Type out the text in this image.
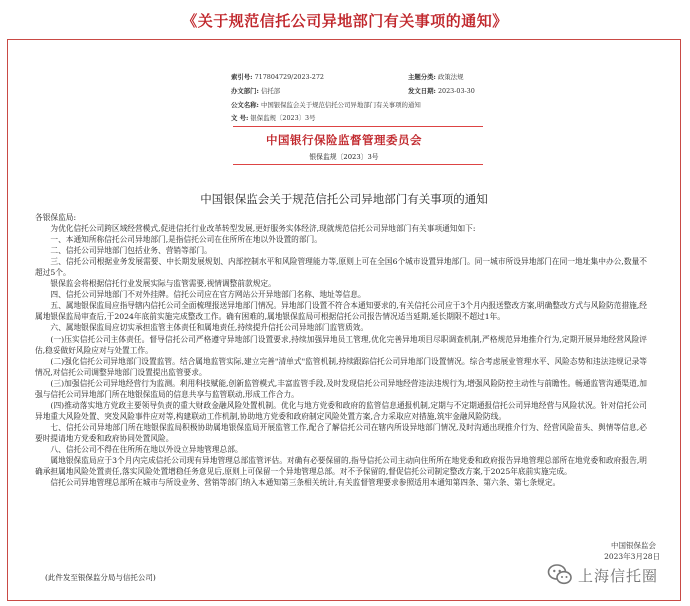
《关于规范信托公司异地部门有关事项的通知》
索引号: 717804729/2023-272	主题分类: 政策法规
办文部门: 信托部	发文日期: 2023-03-30
公文名称: 中国银保监会关于规范信托公司异地部门有关事项的通知
文 号: 银保监规〔2023〕3号
中国银行保险监督管理委员会
银保监规〔2023〕3号
中国银保监会关于规范信托公司异地部门有关事项的通知

各银保监局:

为优化信托公司跨区域经营模式,促进信托行业改革转型发展,更好服务实体经济,现就规范信托公司异地部门有关事项通知如下:

一、本通知所称信托公司异地部门,是指信托公司在住所所在地以外设置的部门。

二、信托公司异地部门包括业务、营销等部门。

三、信托公司根据业务发展需要、中长期发展规划、内部控制水平和风险管理能力等,原则上可在全国6个城市设置异地部门。同一城市所设异地部门在同一地址集中办公,数量不超过5个。

银保监会将根据信托行业发展实际与监管需要,视情调整前款规定。

四、信托公司异地部门不对外挂牌。信托公司应在官方网站公开异地部门名称、地址等信息。

五、属地银保监局应指导辖内信托公司全面梳理报送异地部门情况。异地部门设置不符合本通知要求的,有关信托公司应于3个月内报送整改方案,明确整改方式与风险防范措施,经属地银保监局审查后,于2024年底前实施完成整改工作。确有困难的,属地银保监局可根据信托公司报告情况适当延期,延长期限不超过1年。

六、属地银保监局应切实承担监管主体责任和属地责任,持续提升信托公司异地部门监管质效。

(一)压实信托公司主体责任。督导信托公司严格遵守异地部门设置要求,持续加强异地员工管理,优化完善异地项目尽职调查机制,严格规范异地推介行为,定期开展异地经营风险评估,稳妥做好风险应对与处置工作。

(二)强化信托公司异地部门设置监管。结合属地监管实际,建立完善"清单式"监管机制,持续跟踪信托公司异地部门设置情况。综合考虑展业管理水平、风险态势和违法违规记录等情况,对信托公司调整异地部门设置提出监管要求。

(三)加强信托公司异地经营行为监测。利用科技赋能,创新监管模式,丰富监管手段,及时发现信托公司异地经营违法违规行为,增强风险防控主动性与前瞻性。畅通监管沟通渠道,加强与信托公司异地部门所在地银保监局的信息共享与监管联动,形成工作合力。

(四)推动落实地方党政主要领导负责的重大财政金融风险处置机制。优化与地方党委和政府的监管信息通报机制,定期与不定期通报信托公司异地经营与风险状况。针对信托公司异地重大风险处置、突发风险事件应对等,构建联动工作机制,协助地方党委和政府制定风险处置方案,合力采取应对措施,筑牢金融风险防线。

七、信托公司异地部门所在地银保监局积极协助属地银保监局开展监管工作,配合了解信托公司在辖内所设异地部门情况,及时沟通出现推介行为、经营风险苗头、舆情等信息,必要时提请地方党委和政府协同处置风险。

八、信托公司不得在住所所在地以外设立异地管理总部。

属地银保监局应于3个月内完成信托公司现有异地管理总部监管评估。对确有必要保留的,指导信托公司主动向住所所在地党委和政府报告异地管理总部所在地党委和政府报告,明确承担属地风险处置责任,落实风险处置增稳任务意见后,原则上可保留一个异地管理总部。对不予保留的,督促信托公司制定整改方案,于2025年底前实施完成。

信托公司异地管理总部所在城市与所设业务、营销等部门纳入本通知第三条相关统计,有关监督管理要求参照适用本通知第四条、第六条、第七条规定。

中国银保监会
2023年3月28日
上海信托圈
(此件发至银保监分局与信托公司)
